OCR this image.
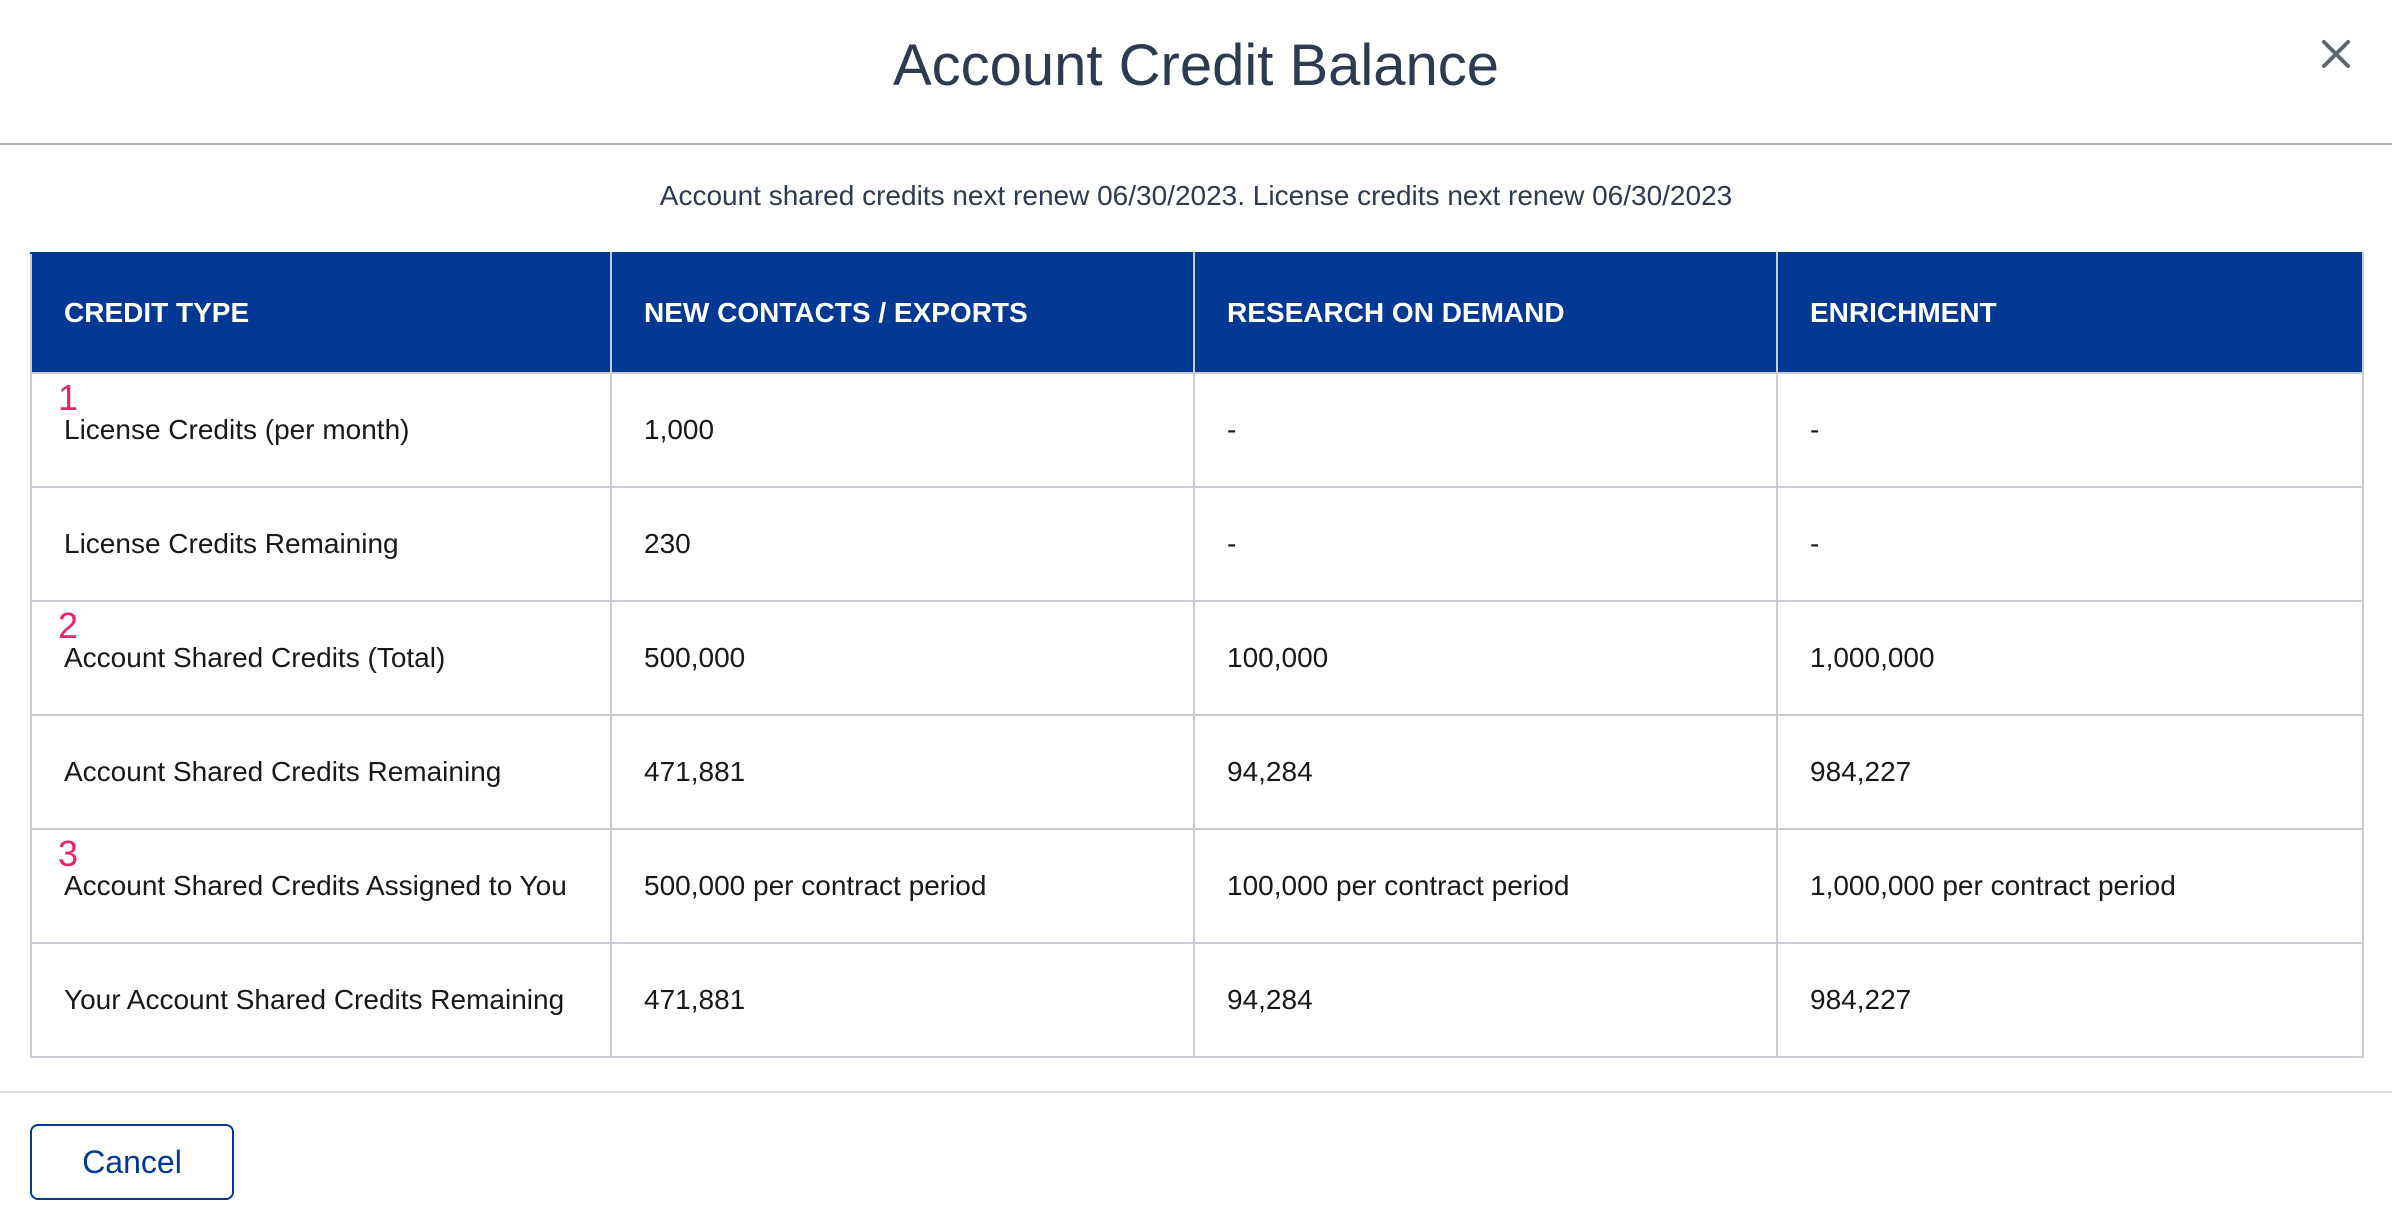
Account Credit Balance
Account shared credits next renew 06/30/2023. License credits next renew 06/30/2023
CREDIT TYPE	NEW CONTACTS / EXPORTS	RESEARCH ON DEMAND	ENRICHMENT

1
License Credits (per month)	1,000	-	-
License Credits Remaining	230	-	-

2
Account Shared Credits (Total)	500,000	100,000	1,000,000
Account Shared Credits Remaining	471,881	94,284	984,227

3
Account Shared Credits Assigned to You	500,000 per contract period	100,000 per contract period	1,000,000 per contract period
Your Account Shared Credits Remaining	471,881	94,284	984,227
Cancel
